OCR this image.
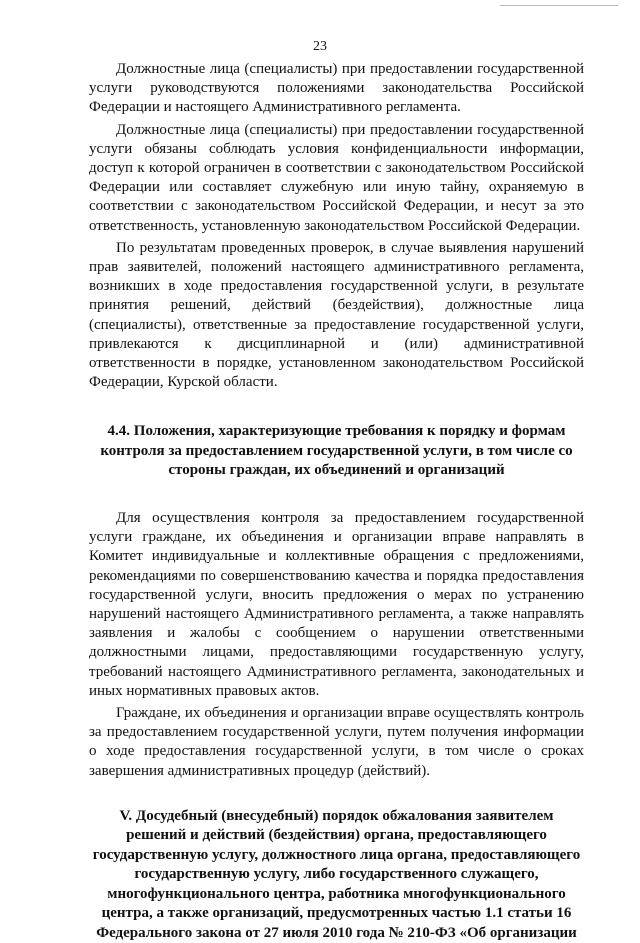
23

Должностные лица (специалисты) при предоставлении государственной услуги руководствуются положениями законодательства Российской Федерации и настоящего Административного регламента.

Должностные лица (специалисты) при предоставлении государственной услуги обязаны соблюдать условия конфиденциальности информации, доступ к которой ограничен в соответствии с законодательством Российской Федерации или составляет служебную или иную тайну, охраняемую в соответствии с законодательством Российской Федерации, и несут за это ответственность, установленную законодательством Российской Федерации.

По результатам проведенных проверок, в случае выявления нарушений прав заявителей, положений настоящего административного регламента, возникших в ходе предоставления государственной услуги, в результате принятия решений, действий (бездействия), должностные лица (специалисты), ответственные за предоставление государственной услуги, привлекаются к дисциплинарной и (или) административной ответственности в порядке, установленном законодательством Российской Федерации, Курской области.

4.4. Положения, характеризующие требования к порядку и формам контроля за предоставлением государственной услуги, в том числе со стороны граждан, их объединений и организаций

Для осуществления контроля за предоставлением государственной услуги граждане, их объединения и организации вправе направлять в Комитет индивидуальные и коллективные обращения с предложениями, рекомендациями по совершенствованию качества и порядка предоставления государственной услуги, вносить предложения о мерах по устранению нарушений настоящего Административного регламента, а также направлять заявления и жалобы с сообщением о нарушении ответственными должностными лицами, предоставляющими государственную услугу, требований настоящего Административного регламента, законодательных и иных нормативных правовых актов.

Граждане, их объединения и организации вправе осуществлять контроль за предоставлением государственной услуги, путем получения информации о ходе предоставления государственной услуги, в том числе о сроках завершения административных процедур (действий).

V. Досудебный (внесудебный) порядок обжалования заявителем решений и действий (бездействия) органа, предоставляющего государственную услугу, должностного лица органа, предоставляющего государственную услугу, либо государственного служащего, многофункционального центра, работника многофункционального центра, а также организаций, предусмотренных частью 1.1 статьи 16 Федерального закона от 27 июля 2010 года № 210-ФЗ «Об организации
